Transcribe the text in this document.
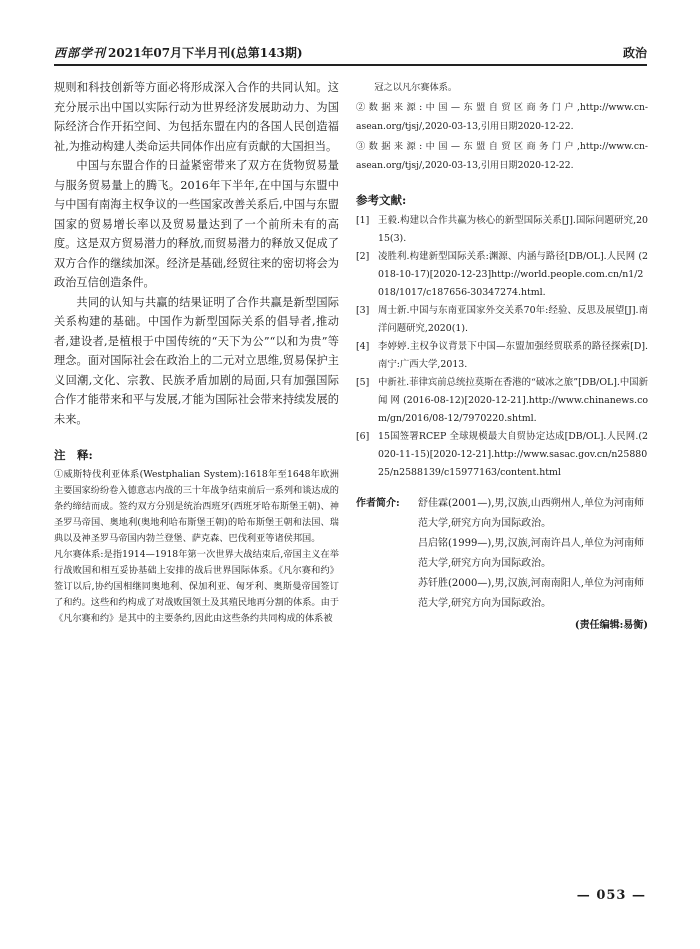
西部学刊 2021年07月下半月刊(总第143期)	政治

规则和科技创新等方面必将形成深入合作的共同认知。这充分展示出中国以实际行动为世界经济发展助动力、为国际经济合作开拓空间、为包括东盟在内的各国人民创造福祉,为推动构建人类命运共同体作出应有贡献的大国担当。

中国与东盟合作的日益紧密带来了双方在货物贸易量与服务贸易量上的腾飞。2016年下半年,在中国与东盟中与中国有南海主权争议的一些国家改善关系后,中国与东盟国家的贸易增长率以及贸易量达到了一个前所未有的高度。这是双方贸易潜力的释放,而贸易潜力的释放又促成了双方合作的继续加深。经济是基础,经贸往来的密切将会为政治互信创造条件。

共同的认知与共赢的结果证明了合作共赢是新型国际关系构建的基础。中国作为新型国际关系的倡导者,推动者,建设者,是植根于中国传统的“天下为公”“以和为贵”等理念。面对国际社会在政治上的二元对立思维,贸易保护主义回潮,文化、宗教、民族矛盾加剧的局面,只有加强国际合作才能带来和平与发展,才能为国际社会带来持续发展的未来。

注　释:

①威斯特伐利亚体系(Westphalian System):1618年至1648年欧洲主要国家纷纷卷入德意志内战的三十年战争结束前后一系列和谈达成的条约缔结而成。签约双方分别是统治西班牙(西班牙哈布斯堡王朝)、神圣罗马帝国、奥地利(奥地利哈布斯堡王朝)的哈布斯堡王朝和法国、瑞典以及神圣罗马帝国内勃兰登堡、萨克森、巴伐利亚等诸侯邦国。

凡尔赛体系:是指1914—1918年第一次世界大战结束后,帝国主义在举行战败国和相互妥协基础上安排的战后世界国际体系。《凡尔赛和约》签订以后,协约国相继同奥地利、保加利亚、匈牙利、奥斯曼帝国签订了和约。这些和约构成了对战败国领土及其殖民地再分割的体系。由于《凡尔赛和约》是其中的主要条约,因此由这些条约共同构成的体系被

冠之以凡尔赛体系。

②数据来源:中国—东盟自贸区商务门户,http://www.cn-asean.org/tjsj/,2020-03-13,引用日期2020-12-22.

③数据来源:中国—东盟自贸区商务门户,http://www.cn-asean.org/tjsj/,2020-03-13,引用日期2020-12-22.

参考文献:
[1] 王毅.构建以合作共赢为核心的新型国际关系[J].国际问题研究,2015(3).
[2] 凌胜利.构建新型国际关系:渊源、内涵与路径[DB/OL].人民网 (2018-10-17)[2020-12-23]http://world.people.com.cn/n1/2018/1017/c187656-30347274.html.
[3] 周士新.中国与东南亚国家外交关系70年:经验、反思及展望[J].南洋问题研究,2020(1).
[4] 李婷婷.主权争议背景下中国—东盟加强经贸联系的路径探索[D].南宁:广西大学,2013.
[5] 中新社.菲律宾前总统拉莫斯在香港的“破冰之旅”[DB/OL].中国新闻网(2016-08-12)[2020-12-21].http://www.chinanews.com/gn/2016/08-12/7970220.shtml.
[6] 15国签署RCEP 全球规模最大自贸协定达成[DB/OL].人民网.(2020-11-15)[2020-12-21].http://www.sasac.gov.cn/n2588025/n2588139/c15977163/content.html
作者简介:	舒佳霖(2001—),男,汉族,山西朔州人,单位为河南师范大学,研究方向为国际政治。

吕启铭(1999—),男,汉族,河南许昌人,单位为河南师范大学,研究方向为国际政治。

苏钎胜(2000—),男,汉族,河南南阳人,单位为河南师范大学,研究方向为国际政治。

(责任编辑:易衡)
— 053 —
